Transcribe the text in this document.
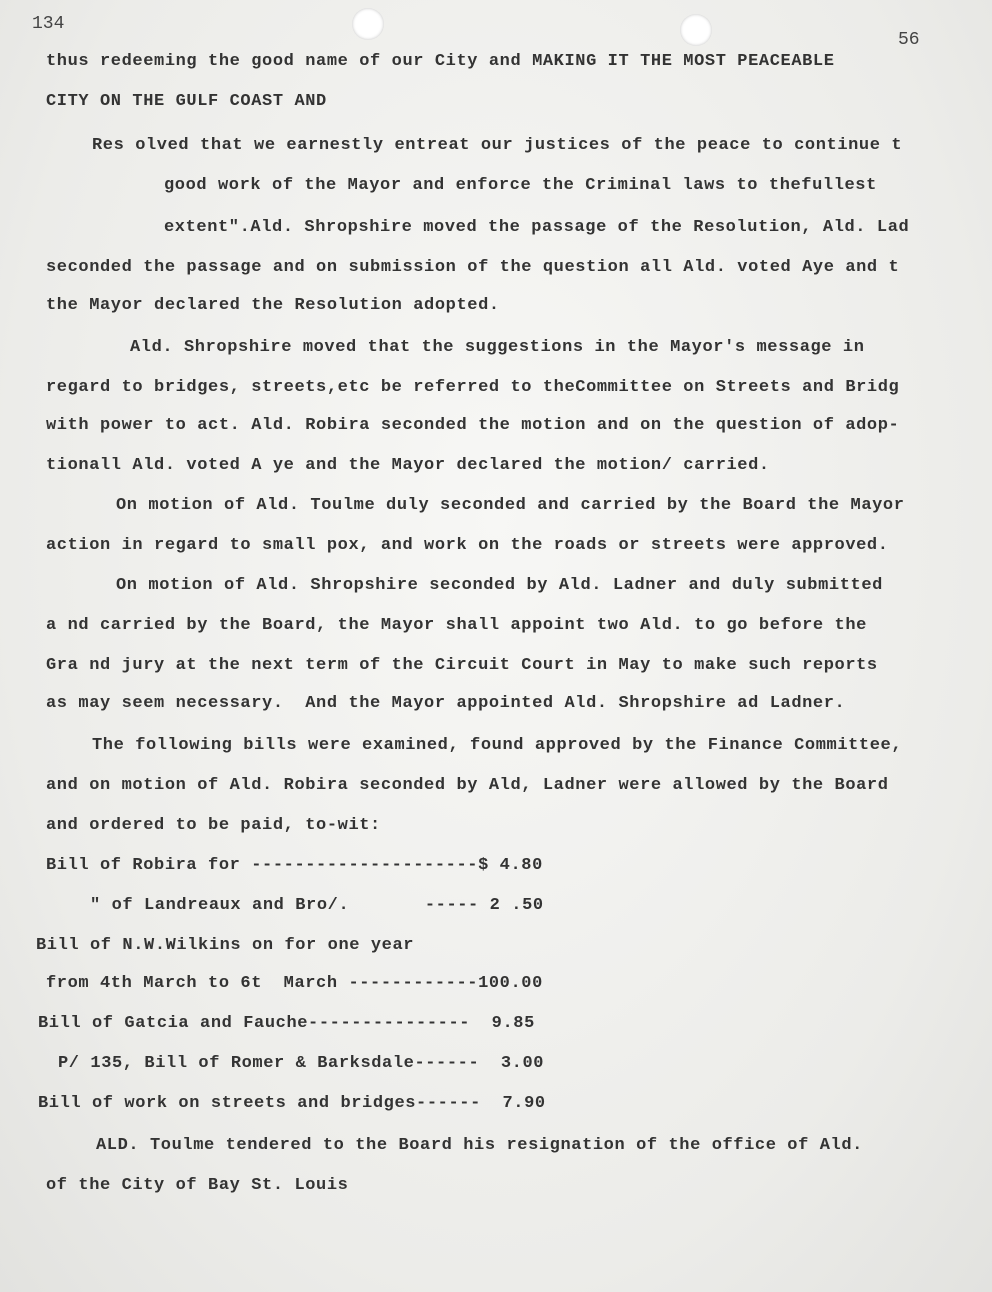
134
56
thus redeeming the good name of our City and MAKING IT THE MOST PEACEABLE
CITY ON THE GULF COAST AND
Res olved that we earnestly entreat our justices of the peace to continue t
good work of the Mayor and enforce the Criminal laws to thefullest
extent".Ald. Shropshire moved the passage of the Resolution, Ald. Lad
seconded the passage and on submission of the question all Ald. voted Aye and t
the Mayor declared the Resolution adopted.
Ald. Shropshire moved that the suggestions in the Mayor's message in
regard to bridges, streets,etc be referred to theCommittee on Streets and Bridg
with power to act. Ald. Robira seconded the motion and on the question of adop-
tionall Ald. voted A ye and the Mayor declared the motion/ carried.
On motion of Ald. Toulme duly seconded and carried by the Board the Mayor
action in regard to small pox, and work on the roads or streets were approved.
On motion of Ald. Shropshire seconded by Ald. Ladner and duly submitted
a nd carried by the Board, the Mayor shall appoint two Ald. to go before the
Gra nd jury at the next term of the Circuit Court in May to make such reports
as may seem necessary.  And the Mayor appointed Ald. Shropshire ad Ladner.
The following bills were examined, found approved by the Finance Committee,
and on motion of Ald. Robira seconded by Ald, Ladner were allowed by the Board
and ordered to be paid, to-wit:
Bill of Robira for ---------------------$ 4.80
" of Landreaux and Bro/.       ----- 2 .50
Bill of N.W.Wilkins on for one year
from 4th March to 6t  March ------------100.00
Bill of Gatcia and Fauche---------------  9.85
P/ 135, Bill of Romer & Barksdale------  3.00
Bill of work on streets and bridges------  7.90
ALD. Toulme tendered to the Board his resignation of the office of Ald.
of the City of Bay St. Louis
